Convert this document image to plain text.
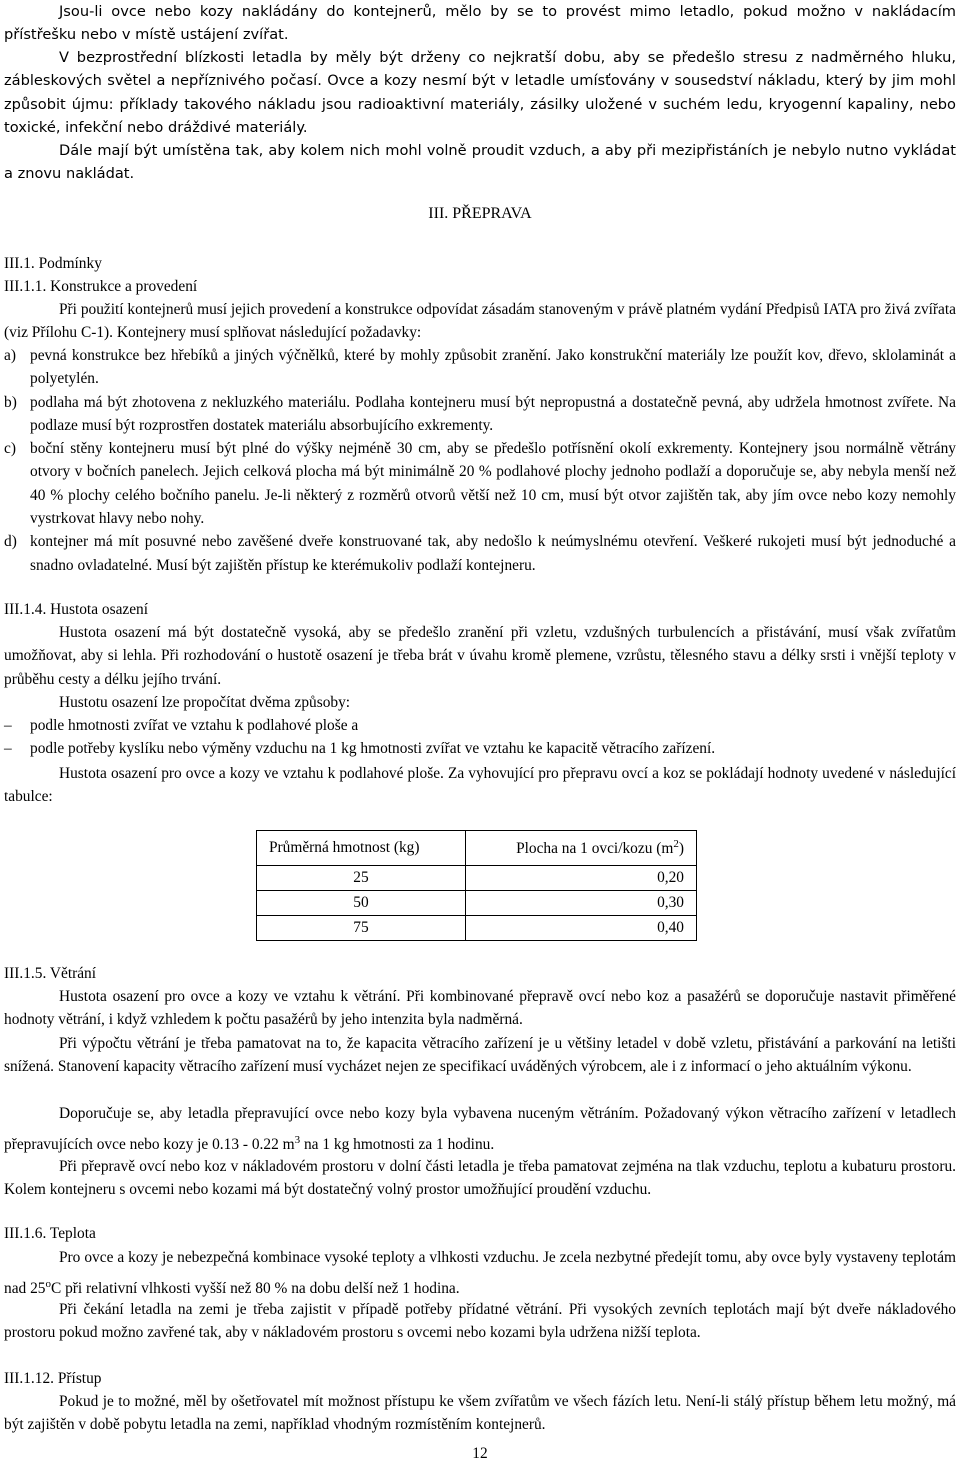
Jsou-li ovce nebo kozy nakládány do kontejnerů, mělo by se to provést mimo letadlo, pokud možno v nakládacím přístřešku nebo v místě ustájení zvířat.

V bezprostřední blízkosti letadla by měly být drženy co nejkratší dobu, aby se předešlo stresu z nadměrného hluku, zábleskových světel a nepříznivého počasí. Ovce a kozy nesmí být v letadle umísťovány v sousedství nákladu, který by jim mohl způsobit újmu: příklady takového nákladu jsou radioaktivní materiály, zásilky uložené v suchém ledu, kryogenní kapaliny, nebo toxické, infekční nebo dráždivé materiály.

Dále mají být umístěna tak, aby kolem nich mohl volně proudit vzduch, a aby při mezipřistáních je nebylo nutno vykládat a znovu nakládat.

III. PŘEPRAVA
III.1. Podmínky
III.1.1. Konstrukce a provedení

Při použití kontejnerů musí jejich provedení a konstrukce odpovídat zásadám stanoveným v právě platném vydání Předpisů IATA pro živá zvířata (viz Přílohu C-1). Kontejnery musí splňovat následující požadavky:

a) pevná konstrukce bez hřebíků a jiných výčnělků, které by mohly způsobit zranění. Jako konstrukční materiály lze použít kov, dřevo, sklolaminát a polyetylén.
b) podlaha má být zhotovena z nekluzkého materiálu. Podlaha kontejneru musí být nepropustná a dostatečně pevná, aby udržela hmotnost zvířete. Na podlaze musí být rozprostřen dostatek materiálu absorbujícího exkrementy.
c) boční stěny kontejneru musí být plné do výšky nejméně 30 cm, aby se předešlo potřísnění okolí exkrementy. Kontejnery jsou normálně větrány otvory v bočních panelech. Jejich celková plocha má být minimálně 20 % podlahové plochy jednoho podlaží a doporučuje se, aby nebyla menší než 40 % plochy celého bočního panelu. Je-li některý z rozměrů otvorů větší než 10 cm, musí být otvor zajištěn tak, aby jím ovce nebo kozy nemohly vystrkovat hlavy nebo nohy.
d) kontejner má mít posuvné nebo zavěšené dveře konstruované tak, aby nedošlo k neúmyslnému otevření. Veškeré rukojeti musí být jednoduché a snadno ovladatelné. Musí být zajištěn přístup ke kterémukoliv podlaží kontejneru.
III.1.4. Hustota osazení

Hustota osazení má být dostatečně vysoká, aby se předešlo zranění při vzletu, vzdušných turbulencích a přistávání, musí však zvířatům umožňovat, aby si lehla. Při rozhodování o hustotě osazení je třeba brát v úvahu kromě plemene, vzrůstu, tělesného stavu a délky srsti i vnější teploty v průběhu cesty a délku jejího trvání.

Hustotu osazení lze propočítat dvěma způsoby:

– podle hmotnosti zvířat ve vztahu k podlahové ploše a
– podle potřeby kyslíku nebo výměny vzduchu na 1 kg hmotnosti zvířat ve vztahu ke kapacitě větracího zařízení.

Hustota osazení pro ovce a kozy ve vztahu k podlahové ploše. Za vyhovující pro přepravu ovcí a koz se pokládají hodnoty uvedené v následující tabulce:

Průměrná hmotnost (kg)	Plocha na 1 ovci/kozu $(m^2)$
25	0,20
50	0,30
75	0,40
III.1.5. Větrání

Hustota osazení pro ovce a kozy ve vztahu k větrání. Při kombinované přepravě ovcí nebo koz a pasažérů se doporučuje nastavit přiměřené hodnoty větrání, i když vzhledem k počtu pasažérů by jeho intenzita byla nadměrná.

Při výpočtu větrání je třeba pamatovat na to, že kapacita větracího zařízení je u většiny letadel v době vzletu, přistávání a parkování na letišti snížená. Stanovení kapacity větracího zařízení musí vycházet nejen ze specifikací uváděných výrobcem, ale i z informací o jeho aktuálním výkonu.

Doporučuje se, aby letadla přepravující ovce nebo kozy byla vybavena nuceným větráním. Požadovaný výkon větracího zařízení v letadlech přepravujících ovce nebo kozy je 0.13 - 0.22 $m^3$ na 1 kg hmotnosti za 1 hodinu.

Při přepravě ovcí nebo koz v nákladovém prostoru v dolní části letadla je třeba pamatovat zejména na tlak vzduchu, teplotu a kubaturu prostoru. Kolem kontejneru s ovcemi nebo kozami má být dostatečný volný prostor umožňující proudění vzduchu.

III.1.6. Teplota

Pro ovce a kozy je nebezpečná kombinace vysoké teploty a vlhkosti vzduchu. Je zcela nezbytné předejít tomu, aby ovce byly vystaveny teplotám nad 25$^o$C při relativní vlhkosti vyšší než 80 % na dobu delší než 1 hodina.

Při čekání letadla na zemi je třeba zajistit v případě potřeby přídatné větrání. Při vysokých zevních teplotách mají být dveře nákladového prostoru pokud možno zavřené tak, aby v nákladovém prostoru s ovcemi nebo kozami byla udržena nižší teplota.

III.1.12. Přístup

Pokud je to možné, měl by ošetřovatel mít možnost přístupu ke všem zvířatům ve všech fázích letu. Není-li stálý přístup během letu možný, má být zajištěn v době pobytu letadla na zemi, například vhodným rozmístěním kontejnerů.

12
